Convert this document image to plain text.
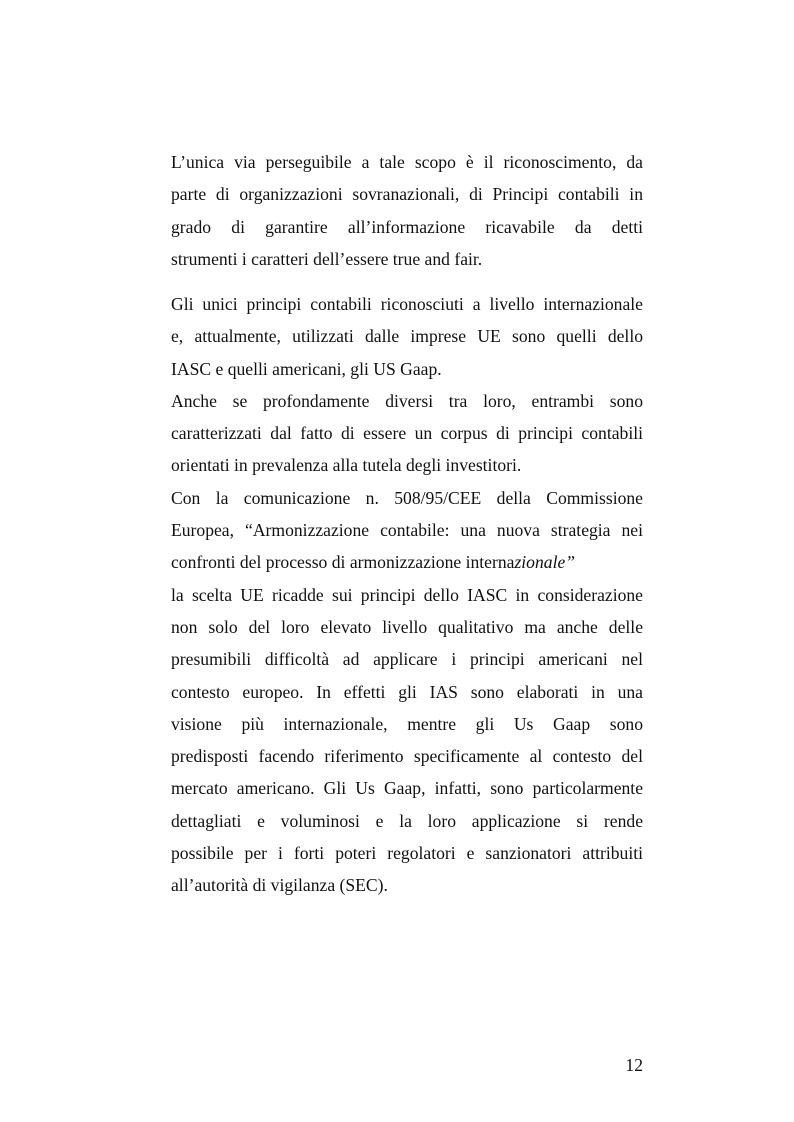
L’unica via perseguibile a tale scopo è il riconoscimento, da
parte di organizzazioni sovranazionali, di Principi contabili in
grado di garantire all’informazione ricavabile da detti
strumenti i caratteri dell’essere true and fair.
Gli unici principi contabili riconosciuti a livello internazionale
e, attualmente, utilizzati dalle imprese UE sono quelli dello
IASC e quelli americani, gli US Gaap.
Anche se profondamente diversi tra loro, entrambi sono
caratterizzati dal fatto di essere un corpus di principi contabili
orientati in prevalenza alla tutela degli investitori.
Con la comunicazione n. 508/95/CEE della Commissione
Europea, “Armonizzazione contabile: una nuova strategia nei
confronti del processo di armonizzazione internazionale”
la scelta UE ricadde sui principi dello IASC in considerazione
non solo del loro elevato livello qualitativo ma anche delle
presumibili difficoltà ad applicare i principi americani nel
contesto europeo. In effetti gli IAS sono elaborati in una
visione più internazionale, mentre gli Us Gaap sono
predisposti facendo riferimento specificamente al contesto del
mercato americano. Gli Us Gaap, infatti, sono particolarmente
dettagliati e voluminosi e la loro applicazione si rende
possibile per i forti poteri regolatori e sanzionatori attribuiti
all’autorità di vigilanza (SEC).
12
